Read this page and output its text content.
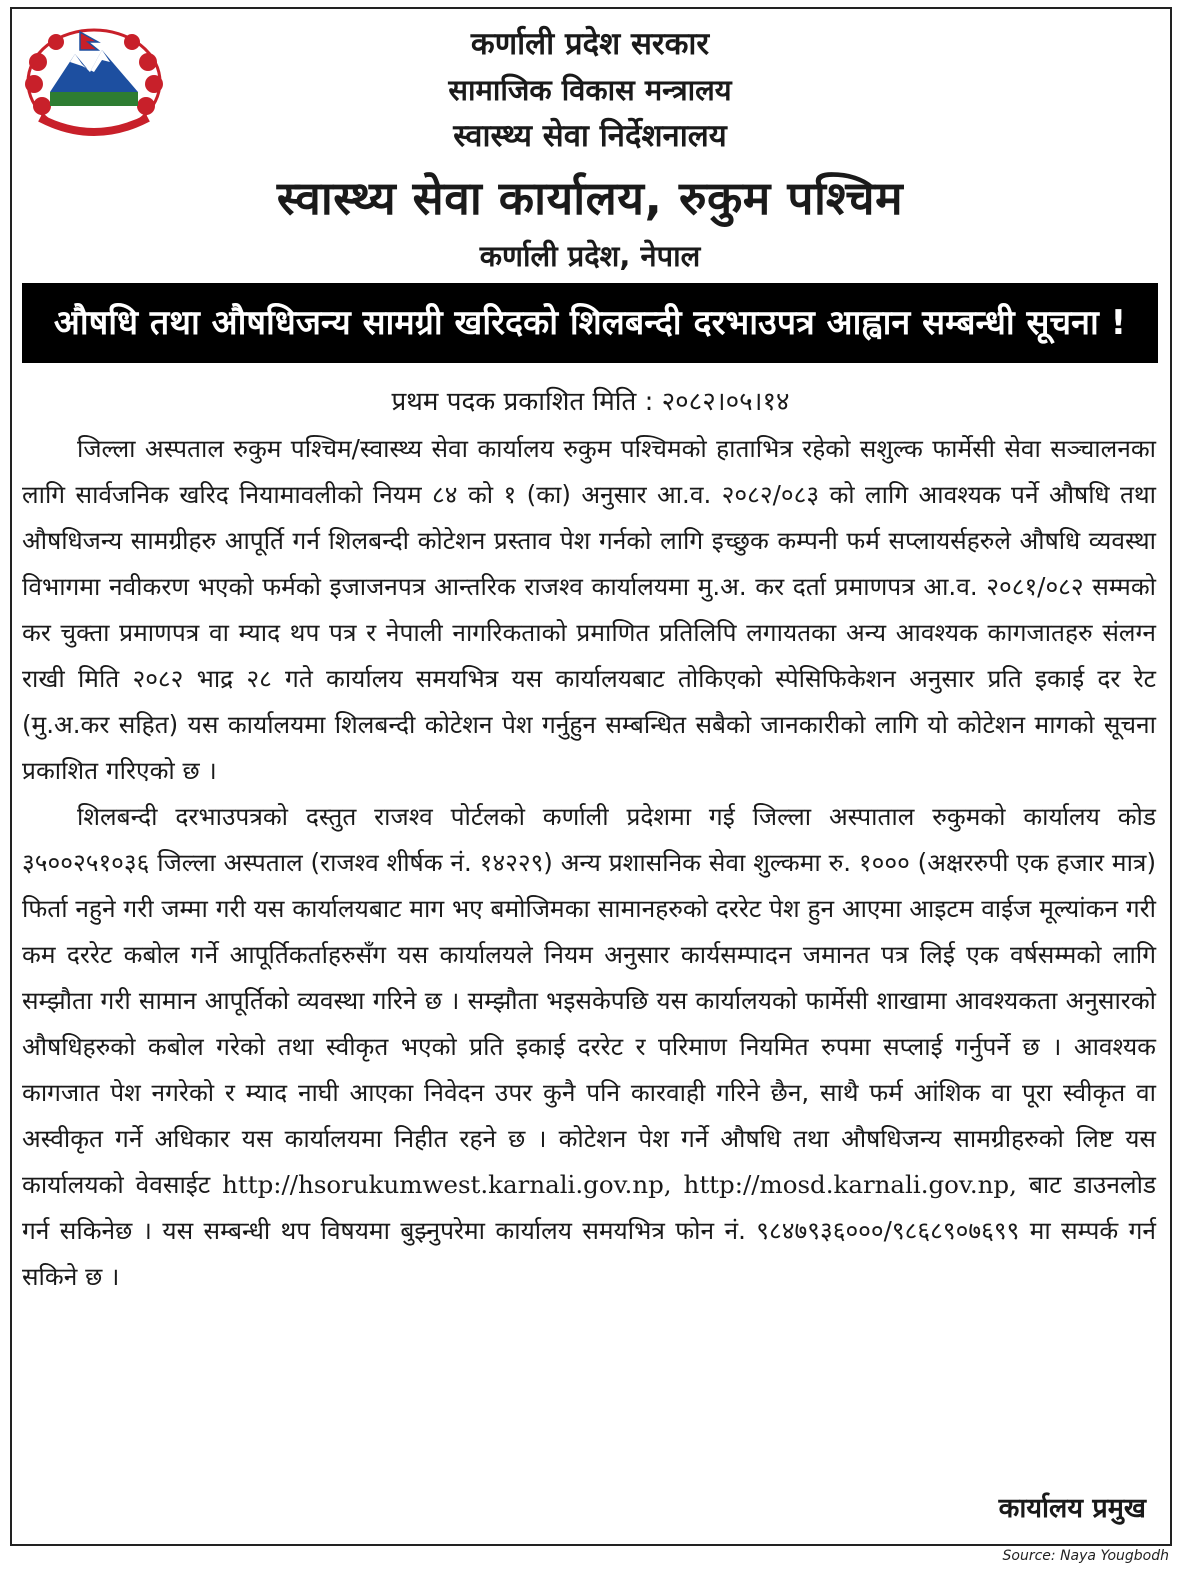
कर्णाली प्रदेश सरकार
सामाजिक विकास मन्त्रालय
स्वास्थ्य सेवा निर्देशनालय
स्वास्थ्य सेवा कार्यालय, रुकुम पश्चिम
कर्णाली प्रदेश, नेपाल
औषधि तथा औषधिजन्य सामग्री खरिदको शिलबन्दी दरभाउपत्र आह्वान सम्बन्धी सूचना !
प्रथम पदक प्रकाशित मिति : २०८२।०५।१४

जिल्ला अस्पताल रुकुम पश्चिम/स्वास्थ्य सेवा कार्यालय रुकुम पश्चिमको हाताभित्र रहेको सशुल्क फार्मेसी सेवा सञ्चालनका लागि सार्वजनिक खरिद नियामावलीको नियम ८४ को १ (का) अनुसार आ.व. २०८२/०८३ को लागि आवश्यक पर्ने औषधि तथा औषधिजन्य सामग्रीहरु आपूर्ति गर्न शिलबन्दी कोटेशन प्रस्ताव पेश गर्नको लागि इच्छुक कम्पनी फर्म सप्लायर्सहरुले औषधि व्यवस्था विभागमा नवीकरण भएको फर्मको इजाजनपत्र आन्तरिक राजश्व कार्यालयमा मु.अ. कर दर्ता प्रमाणपत्र आ.व. २०८१/०८२ सम्मको कर चुक्ता प्रमाणपत्र वा म्याद थप पत्र र नेपाली नागरिकताको प्रमाणित प्रतिलिपि लगायतका अन्य आवश्यक कागजातहरु संलग्न राखी मिति २०८२ भाद्र २८ गते कार्यालय समयभित्र यस कार्यालयबाट तोकिएको स्पेसिफिकेशन अनुसार प्रति इकाई दर रेट (मु.अ.कर सहित) यस कार्यालयमा शिलबन्दी कोटेशन पेश गर्नुहुन सम्बन्धित सबैको जानकारीको लागि यो कोटेशन मागको सूचना प्रकाशित गरिएको छ ।

शिलबन्दी दरभाउपत्रको दस्तुत राजश्व पोर्टलको कर्णाली प्रदेशमा गई जिल्ला अस्पाताल रुकुमको कार्यालय कोड ३५००२५१०३६ जिल्ला अस्पताल (राजश्व शीर्षक नं. १४२२९) अन्य प्रशासनिक सेवा शुल्कमा रु. १००० (अक्षररुपी एक हजार मात्र) फिर्ता नहुने गरी जम्मा गरी यस कार्यालयबाट माग भए बमोजिमका सामानहरुको दररेट पेश हुन आएमा आइटम वाईज मूल्यांकन गरी कम दररेट कबोल गर्ने आपूर्तिकर्ताहरुसँग यस कार्यालयले नियम अनुसार कार्यसम्पादन जमानत पत्र लिई एक वर्षसम्मको लागि सम्झौता गरी सामान आपूर्तिको व्यवस्था गरिने छ । सम्झौता भइसकेपछि यस कार्यालयको फार्मेसी शाखामा आवश्यकता अनुसारको औषधिहरुको कबोल गरेको तथा स्वीकृत भएको प्रति इकाई दररेट र परिमाण नियमित रुपमा सप्लाई गर्नुपर्ने छ । आवश्यक कागजात पेश नगरेको र म्याद नाघी आएका निवेदन उपर कुनै पनि कारवाही गरिने छैन, साथै फर्म आंशिक वा पूरा स्वीकृत वा अस्वीकृत गर्ने अधिकार यस कार्यालयमा निहीत रहने छ । कोटेशन पेश गर्ने औषधि तथा औषधिजन्य सामग्रीहरुको लिष्ट यस कार्यालयको वेवसाईट http://hsorukumwest.karnali.gov.np, http://mosd.karnali.gov.np, बाट डाउनलोड गर्न सकिनेछ । यस सम्बन्धी थप विषयमा बुझ्नुपरेमा कार्यालय समयभित्र फोन नं. ९८४७९३६०००/९८६८९०७६९९ मा सम्पर्क गर्न सकिने छ ।

कार्यालय प्रमुख
Source: Naya Yougbodh
